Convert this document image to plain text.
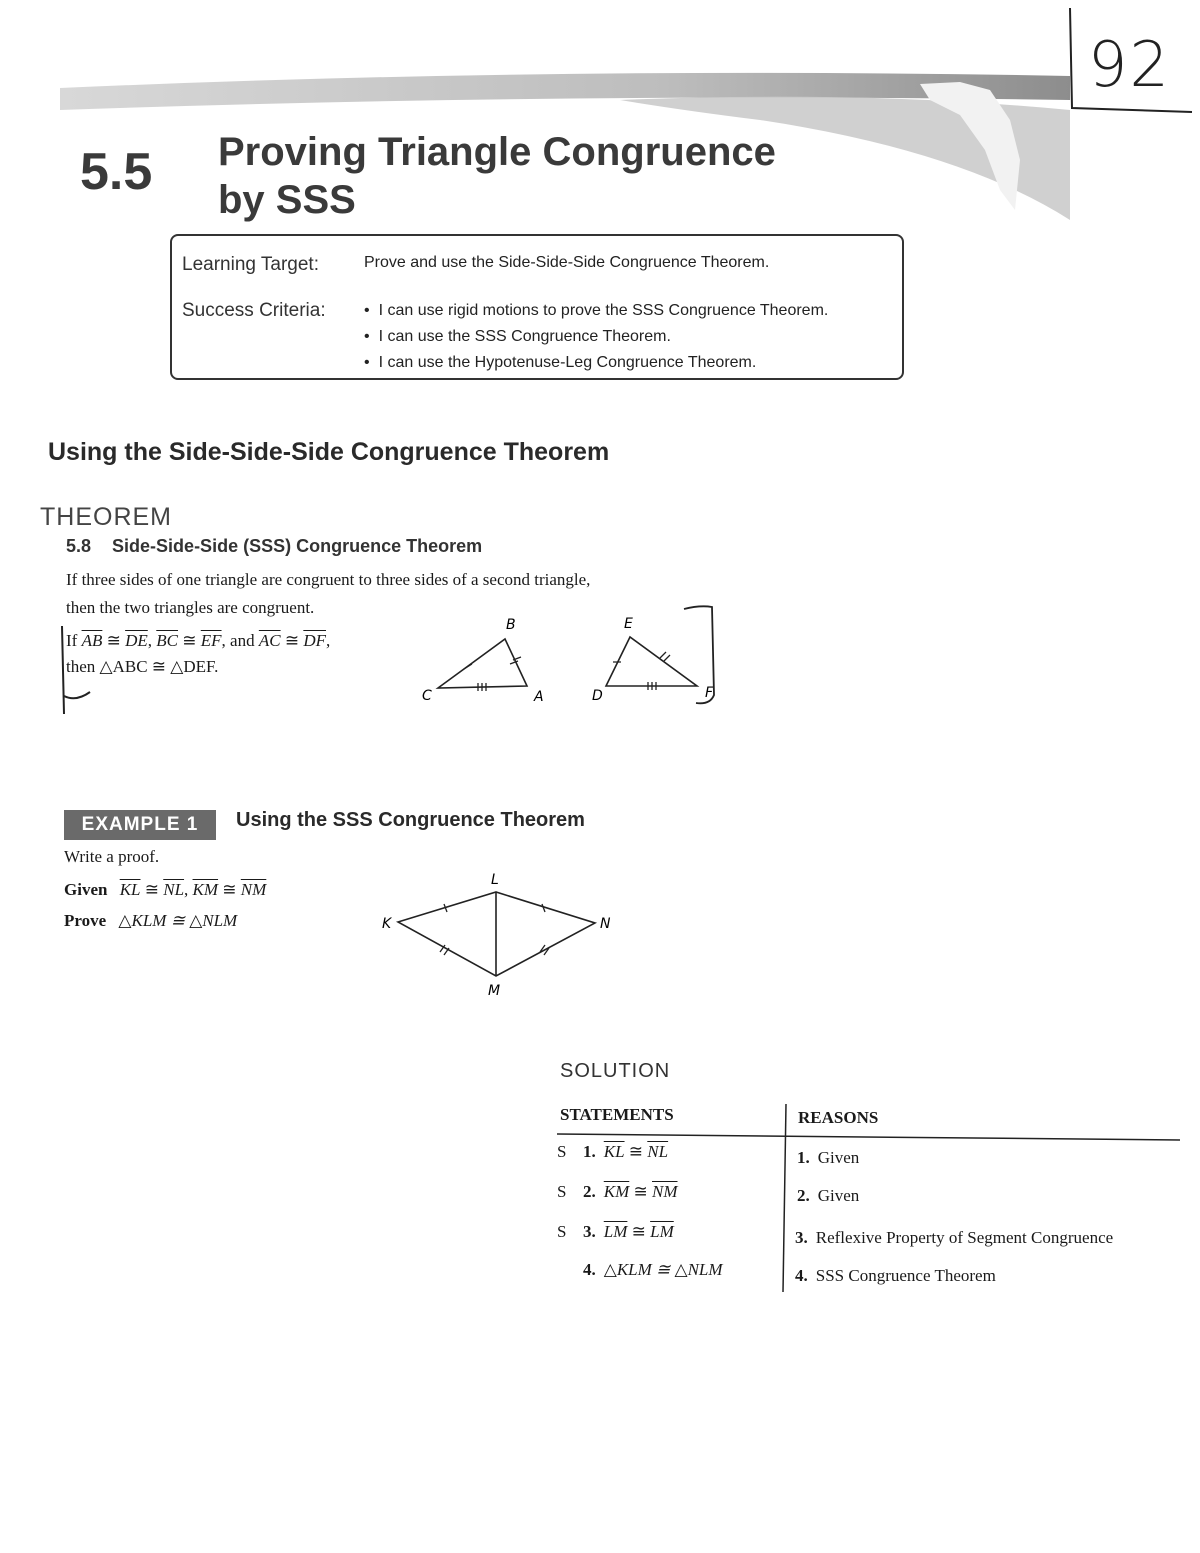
92
5.5 Proving Triangle Congruence
by SSS
Learning Target:	Prove and use the Side-Side-Side Congruence Theorem.
Success Criteria:	• I can use rigid motions to prove the SSS Congruence Theorem.
• I can use the SSS Congruence Theorem.
• I can use the Hypotenuse-Leg Congruence Theorem.
Using the Side-Side-Side Congruence Theorem
THEOREM
5.8 Side-Side-Side (SSS) Congruence Theorem
If three sides of one triangle are congruent to three sides of a second triangle,
then the two triangles are congruent.
If $\overline{AB}$ ≅ $\overline{DE}$, $\overline{BC}$ ≅ $\overline{EF}$, and $\overline{AC}$ ≅ $\overline{DF}$,
then △ABC ≅ △DEF.
B
C	A
E
D	F
EXAMPLE 1	Using the SSS Congruence Theorem
Write a proof.
Given $\overline{KL}$ ≅ $\overline{NL}$, $\overline{KM}$ ≅ $\overline{NM}$
Prove △KLM ≅ △NLM
L
K	N
M
SOLUTION
STATEMENTS	REASONS
S 1. $\overline{KL}$ ≅ $\overline{NL}$	1. Given
S 2. $\overline{KM}$ ≅ $\overline{NM}$	2. Given
S 3. $\overline{LM}$ ≅ $\overline{LM}$	3. Reflexive Property of Segment Congruence
4. △KLM ≅ △NLM	4. SSS Congruence Theorem
